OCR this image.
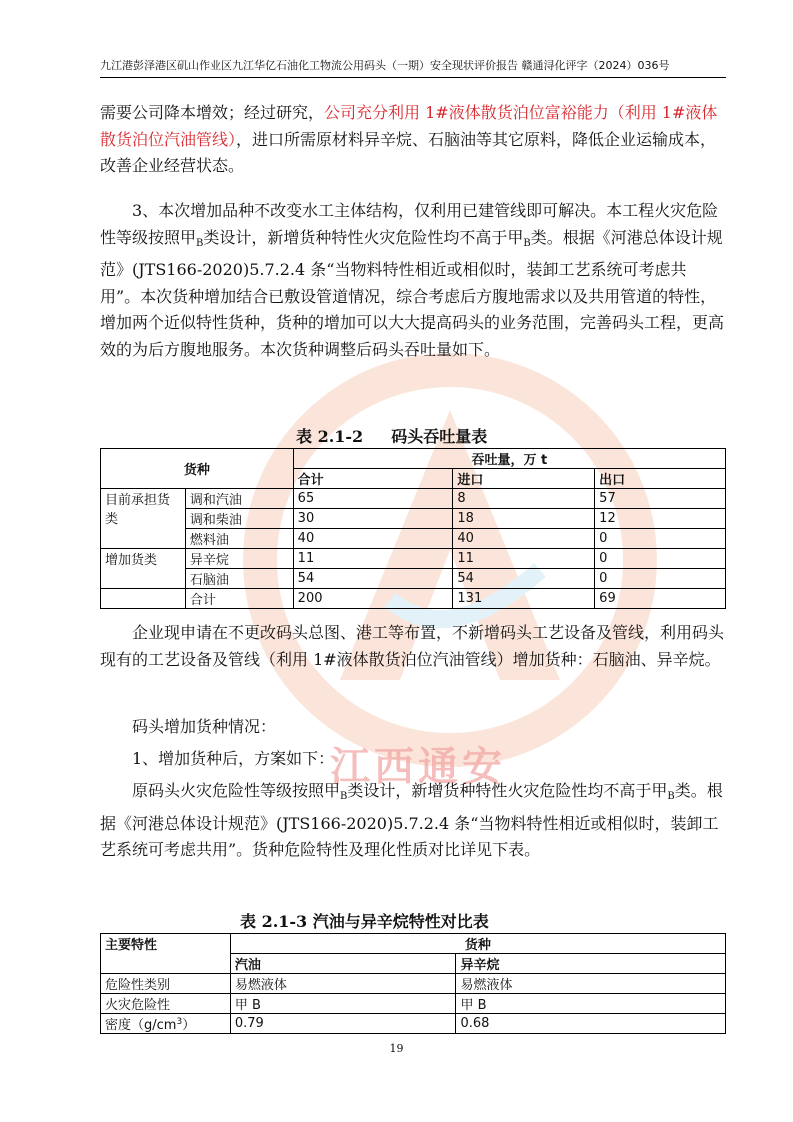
江西通安
九江港彭泽港区矶山作业区九江华亿石油化工物流公用码头（一期）安全现状评价报告 赣通浔化评字（2024）036号

需要公司降本增效；经过研究，公司充分利用 1#液体散货泊位富裕能力（利用 1#液体散货泊位汽油管线），进口所需原材料异辛烷、石脑油等其它原料，降低企业运输成本，改善企业经营状态。

3、本次增加品种不改变水工主体结构，仅利用已建管线即可解决。本工程火灾危险性等级按照甲$_B$类设计，新增货种特性火灾危险性均不高于甲$_B$类。根据《河港总体设计规范》(JTS166-2020)5.7.2.4 条“当物料特性相近或相似时，装卸工艺系统可考虑共用”。本次货种增加结合已敷设管道情况，综合考虑后方腹地需求以及共用管道的特性，增加两个近似特性货种，货种的增加可以大大提高码头的业务范围，完善码头工程，更高效的为后方腹地服务。本次货种调整后码头吞吐量如下。

表 2.1-2 码头吞吐量表
货种		吞吐量，万 t		
		合计	进口	出口
目前承担货类	调和汽油	65	8	57
	调和柴油	30	18	12
	燃料油	40	40	0
增加货类	异辛烷	11	11	0
	石脑油	54	54	0
	合计	200	131	69

企业现申请在不更改码头总图、港工等布置，不新增码头工艺设备及管线，利用码头现有的工艺设备及管线（利用 1#液体散货泊位汽油管线）增加货种：石脑油、异辛烷。

码头增加货种情况：

1、增加货种后，方案如下：

原码头火灾危险性等级按照甲$_B$类设计，新增货种特性火灾危险性均不高于甲$_B$类。根据《河港总体设计规范》(JTS166-2020)5.7.2.4 条“当物料特性相近或相似时，装卸工艺系统可考虑共用”。货种危险特性及理化性质对比详见下表。

表 2.1-3 汽油与异辛烷特性对比表
主要特性	货种	
	汽油	异辛烷
危险性类别	易燃液体	易燃液体
火灾危险性	甲 B	甲 B
密度$(g/cm^3)$	0.79	0.68
19
